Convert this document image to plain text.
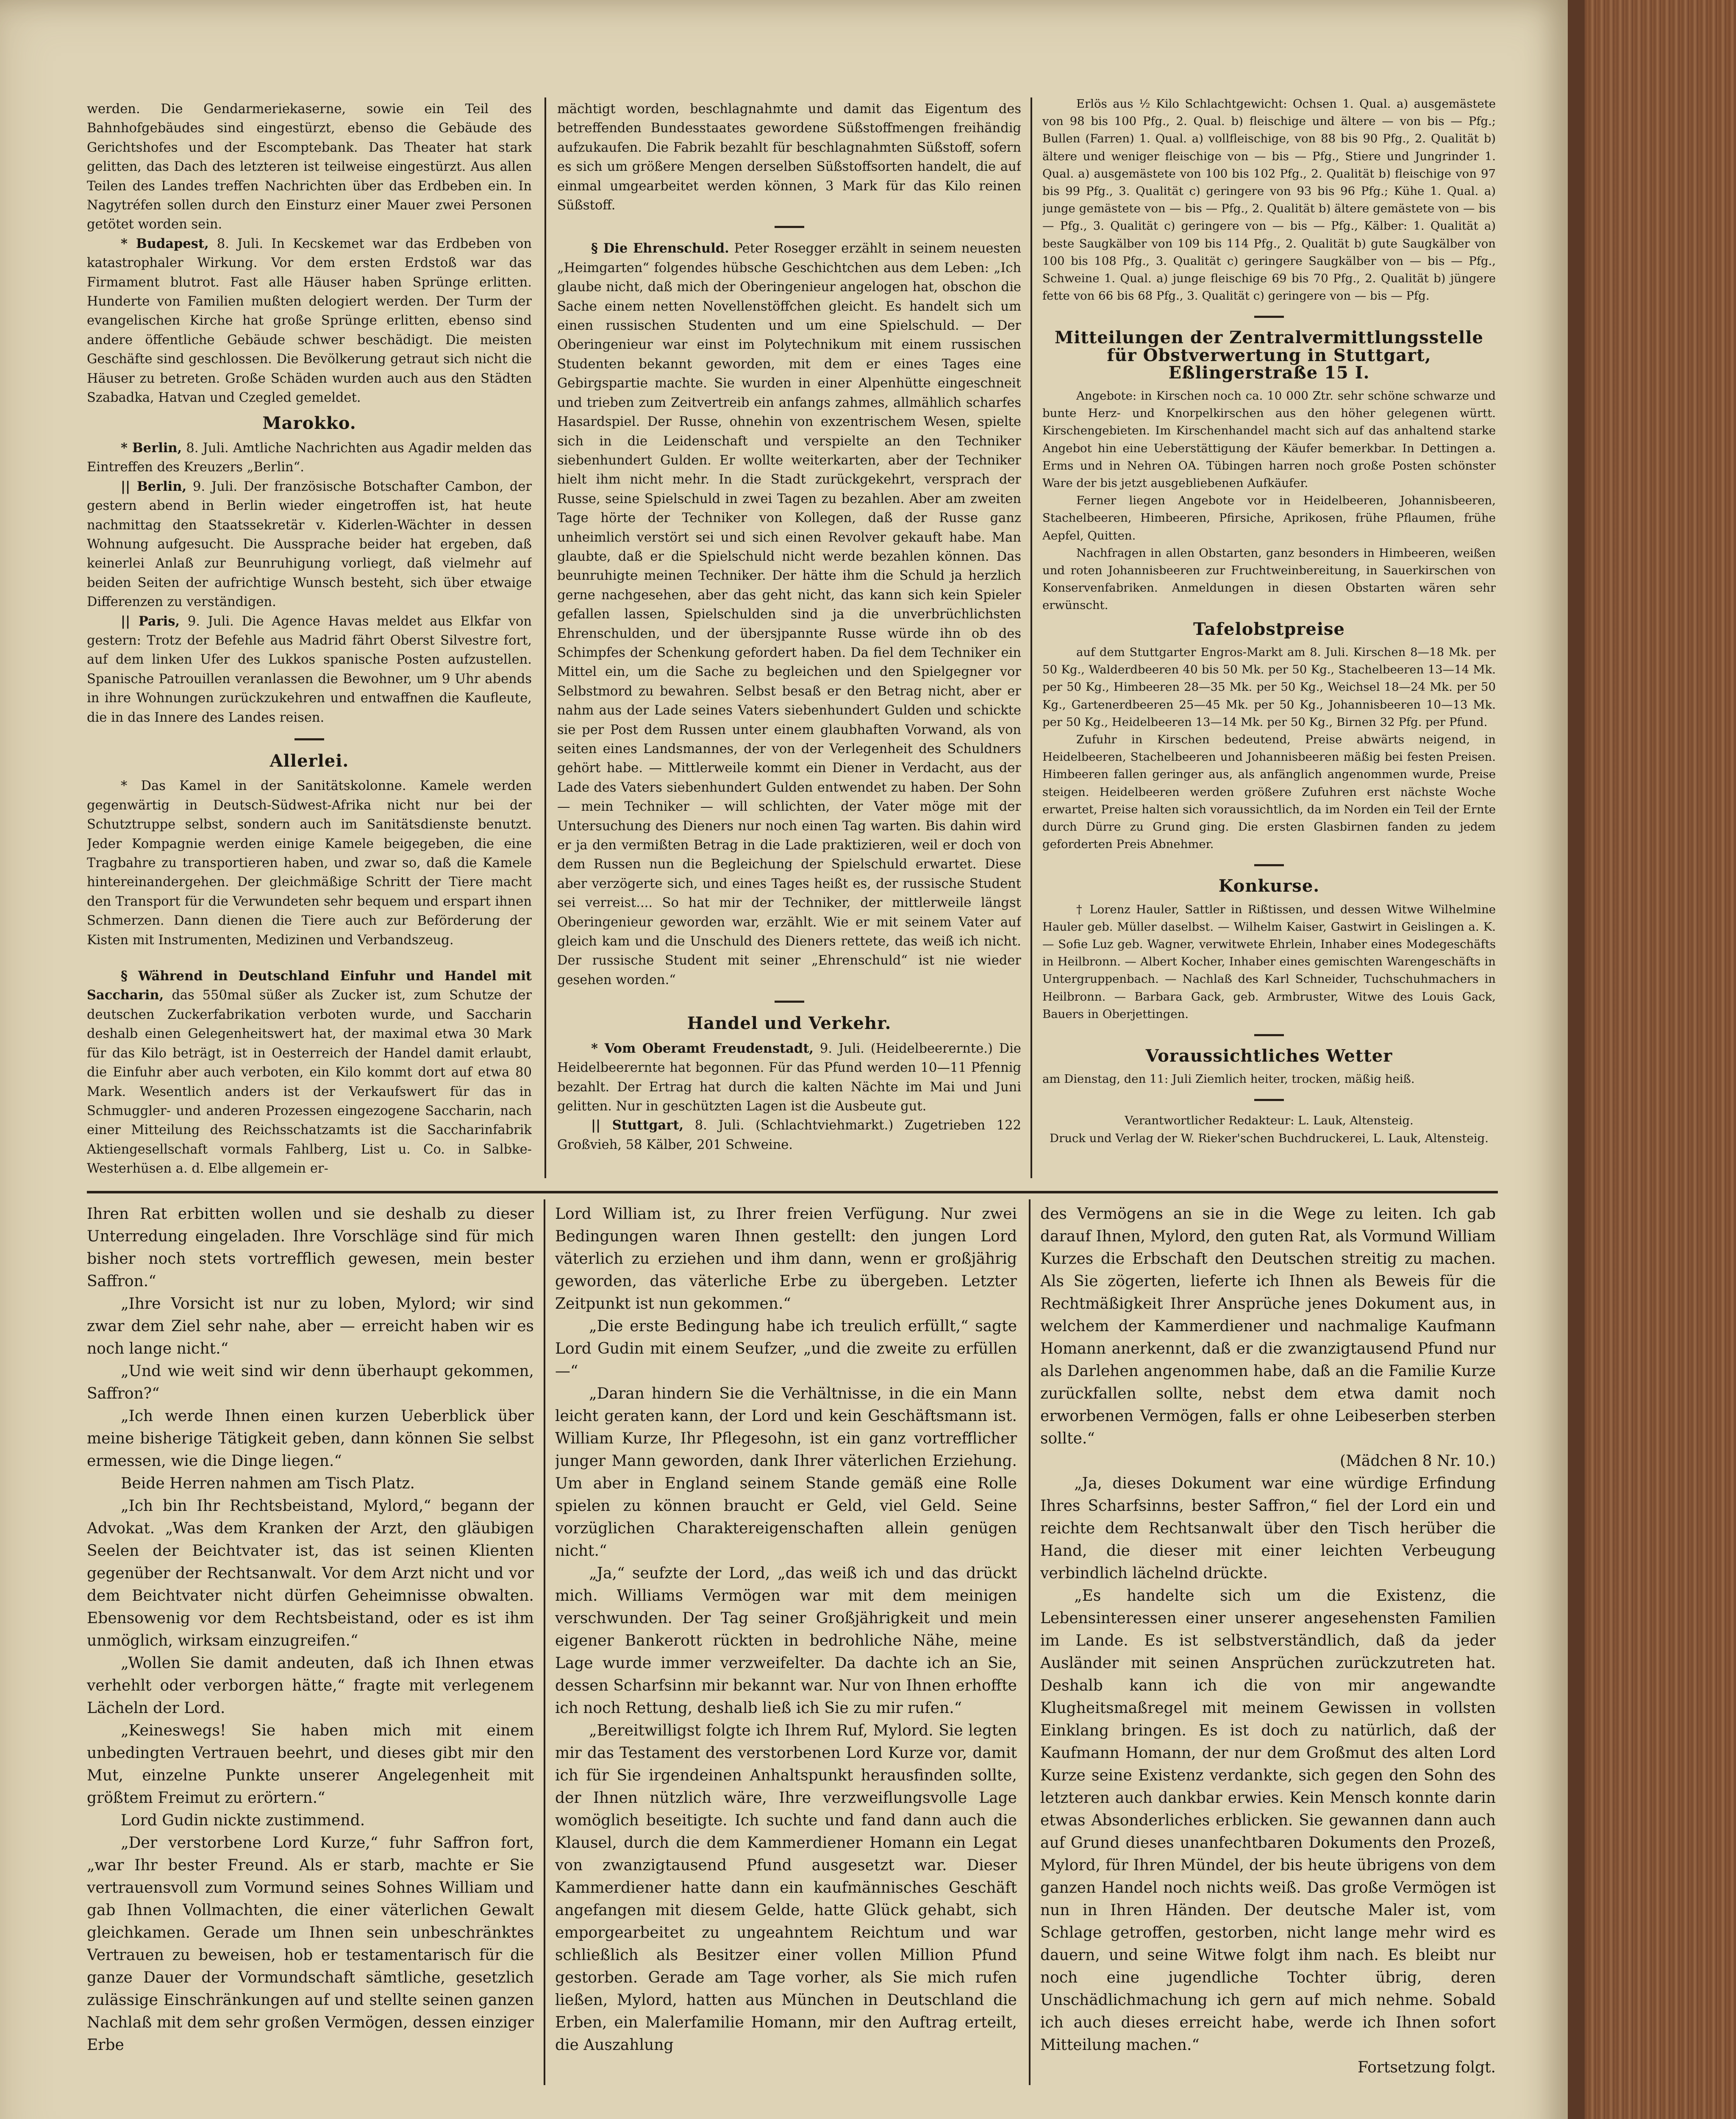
werden. Die Gendarmeriekaserne, sowie ein Teil des Bahnhofgebäudes sind eingestürzt, ebenso die Gebäude des Gerichtshofes und der Escomptebank. Das Theater hat stark gelitten, das Dach des letzteren ist teilweise eingestürzt. Aus allen Teilen des Landes treffen Nachrichten über das Erdbeben ein. In Nagytréfen sollen durch den Einsturz einer Mauer zwei Personen getötet worden sein.

* Budapest, 8. Juli. In Kecskemet war das Erdbeben von katastrophaler Wirkung. Vor dem ersten Erdstoß war das Firmament blutrot. Fast alle Häuser haben Sprünge erlitten. Hunderte von Familien mußten delogiert werden. Der Turm der evangelischen Kirche hat große Sprünge erlitten, ebenso sind andere öffentliche Gebäude schwer beschädigt. Die meisten Geschäfte sind geschlossen. Die Bevölkerung getraut sich nicht die Häuser zu betreten. Große Schäden wurden auch aus den Städten Szabadka, Hatvan und Czegled gemeldet.

Marokko.

* Berlin, 8. Juli. Amtliche Nachrichten aus Agadir melden das Eintreffen des Kreuzers „Berlin“.

|| Berlin, 9. Juli. Der französische Botschafter Cambon, der gestern abend in Berlin wieder eingetroffen ist, hat heute nachmittag den Staatssekretär v. Kiderlen-Wächter in dessen Wohnung aufgesucht. Die Aussprache beider hat ergeben, daß keinerlei Anlaß zur Beunruhigung vorliegt, daß vielmehr auf beiden Seiten der aufrichtige Wunsch besteht, sich über etwaige Differenzen zu verständigen.

|| Paris, 9. Juli. Die Agence Havas meldet aus Elkfar von gestern: Trotz der Befehle aus Madrid fährt Oberst Silvestre fort, auf dem linken Ufer des Lukkos spanische Posten aufzustellen. Spanische Patrouillen veranlassen die Bewohner, um 9 Uhr abends in ihre Wohnungen zurückzukehren und entwaffnen die Kaufleute, die in das Innere des Landes reisen.

Allerlei.

* Das Kamel in der Sanitätskolonne. Kamele werden gegenwärtig in Deutsch-Südwest-Afrika nicht nur bei der Schutztruppe selbst, sondern auch im Sanitätsdienste benutzt. Jeder Kompagnie werden einige Kamele beigegeben, die eine Tragbahre zu transportieren haben, und zwar so, daß die Kamele hintereinandergehen. Der gleichmäßige Schritt der Tiere macht den Transport für die Verwundeten sehr bequem und erspart ihnen Schmerzen. Dann dienen die Tiere auch zur Beförderung der Kisten mit Instrumenten, Medizinen und Verbandszeug.

§ Während in Deutschland Einfuhr und Handel mit Saccharin, das 550mal süßer als Zucker ist, zum Schutze der deutschen Zuckerfabrikation verboten wurde, und Saccharin deshalb einen Gelegenheitswert hat, der maximal etwa 30 Mark für das Kilo beträgt, ist in Oesterreich der Handel damit erlaubt, die Einfuhr aber auch verboten, ein Kilo kommt dort auf etwa 80 Mark. Wesentlich anders ist der Verkaufswert für das in Schmuggler- und anderen Prozessen eingezogene Saccharin, nach einer Mitteilung des Reichsschatzamts ist die Saccharinfabrik Aktiengesellschaft vormals Fahlberg, List u. Co. in Salbke-Westerhüsen a. d. Elbe allgemein er-

mächtigt worden, beschlagnahmte und damit das Eigentum des betreffenden Bundesstaates gewordene Süßstoffmengen freihändig aufzukaufen. Die Fabrik bezahlt für beschlagnahmten Süßstoff, sofern es sich um größere Mengen derselben Süßstoffsorten handelt, die auf einmal umgearbeitet werden können, 3 Mark für das Kilo reinen Süßstoff.

§ Die Ehrenschuld. Peter Rosegger erzählt in seinem neuesten „Heimgarten“ folgendes hübsche Geschichtchen aus dem Leben: „Ich glaube nicht, daß mich der Oberingenieur angelogen hat, obschon die Sache einem netten Novellenstöffchen gleicht. Es handelt sich um einen russischen Studenten und um eine Spielschuld. — Der Oberingenieur war einst im Polytechnikum mit einem russischen Studenten bekannt geworden, mit dem er eines Tages eine Gebirgspartie machte. Sie wurden in einer Alpenhütte eingeschneit und trieben zum Zeitvertreib ein anfangs zahmes, allmählich scharfes Hasardspiel. Der Russe, ohnehin von exzentrischem Wesen, spielte sich in die Leidenschaft und verspielte an den Techniker siebenhundert Gulden. Er wollte weiterkarten, aber der Techniker hielt ihm nicht mehr. In die Stadt zurückgekehrt, versprach der Russe, seine Spielschuld in zwei Tagen zu bezahlen. Aber am zweiten Tage hörte der Techniker von Kollegen, daß der Russe ganz unheimlich verstört sei und sich einen Revolver gekauft habe. Man glaubte, daß er die Spielschuld nicht werde bezahlen können. Das beunruhigte meinen Techniker. Der hätte ihm die Schuld ja herzlich gerne nachgesehen, aber das geht nicht, das kann sich kein Spieler gefallen lassen, Spielschulden sind ja die unverbrüchlichsten Ehrenschulden, und der übersjpannte Russe würde ihn ob des Schimpfes der Schenkung gefordert haben. Da fiel dem Techniker ein Mittel ein, um die Sache zu begleichen und den Spielgegner vor Selbstmord zu bewahren. Selbst besaß er den Betrag nicht, aber er nahm aus der Lade seines Vaters siebenhundert Gulden und schickte sie per Post dem Russen unter einem glaubhaften Vorwand, als von seiten eines Landsmannes, der von der Verlegenheit des Schuldners gehört habe. — Mittlerweile kommt ein Diener in Verdacht, aus der Lade des Vaters siebenhundert Gulden entwendet zu haben. Der Sohn — mein Techniker — will schlichten, der Vater möge mit der Untersuchung des Dieners nur noch einen Tag warten. Bis dahin wird er ja den vermißten Betrag in die Lade praktizieren, weil er doch von dem Russen nun die Begleichung der Spielschuld erwartet. Diese aber verzögerte sich, und eines Tages heißt es, der russische Student sei verreist.... So hat mir der Techniker, der mittlerweile längst Oberingenieur geworden war, erzählt. Wie er mit seinem Vater auf gleich kam und die Unschuld des Dieners rettete, das weiß ich nicht. Der russische Student mit seiner „Ehrenschuld“ ist nie wieder gesehen worden.“

Handel und Verkehr.

* Vom Oberamt Freudenstadt, 9. Juli. (Heidelbeerernte.) Die Heidelbeerernte hat begonnen. Für das Pfund werden 10—11 Pfennig bezahlt. Der Ertrag hat durch die kalten Nächte im Mai und Juni gelitten. Nur in geschützten Lagen ist die Ausbeute gut.

|| Stuttgart, 8. Juli. (Schlachtviehmarkt.) Zugetrieben 122 Großvieh, 58 Kälber, 201 Schweine.

Erlös aus ½ Kilo Schlachtgewicht: Ochsen 1. Qual. a) ausgemästete von 98 bis 100 Pfg., 2. Qual. b) fleischige und ältere — von bis — Pfg.; Bullen (Farren) 1. Qual. a) vollfleischige, von 88 bis 90 Pfg., 2. Qualität b) ältere und weniger fleischige von — bis — Pfg., Stiere und Jungrinder 1. Qual. a) ausgemästete von 100 bis 102 Pfg., 2. Qualität b) fleischige von 97 bis 99 Pfg., 3. Qualität c) geringere von 93 bis 96 Pfg.; Kühe 1. Qual. a) junge gemästete von — bis — Pfg., 2. Qualität b) ältere gemästete von — bis — Pfg., 3. Qualität c) geringere von — bis — Pfg., Kälber: 1. Qualität a) beste Saugkälber von 109 bis 114 Pfg., 2. Qualität b) gute Saugkälber von 100 bis 108 Pfg., 3. Qualität c) geringere Saugkälber von — bis — Pfg., Schweine 1. Qual. a) junge fleischige 69 bis 70 Pfg., 2. Qualität b) jüngere fette von 66 bis 68 Pfg., 3. Qualität c) geringere von — bis — Pfg.

Mitteilungen der Zentralvermittlungsstelle für Obstverwertung in Stuttgart, Eßlingerstraße 15 I.

Angebote: in Kirschen noch ca. 10 000 Ztr. sehr schöne schwarze und bunte Herz- und Knorpelkirschen aus den höher gelegenen württ. Kirschengebieten. Im Kirschenhandel macht sich auf das anhaltend starke Angebot hin eine Ueberstättigung der Käufer bemerkbar. In Dettingen a. Erms und in Nehren OA. Tübingen harren noch große Posten schönster Ware der bis jetzt ausgebliebenen Aufkäufer.

Ferner liegen Angebote vor in Heidelbeeren, Johannisbeeren, Stachelbeeren, Himbeeren, Pfirsiche, Aprikosen, frühe Pflaumen, frühe Aepfel, Quitten.

Nachfragen in allen Obstarten, ganz besonders in Himbeeren, weißen und roten Johannisbeeren zur Fruchtweinbereitung, in Sauerkirschen von Konservenfabriken. Anmeldungen in diesen Obstarten wären sehr erwünscht.

Tafelobstpreise

auf dem Stuttgarter Engros-Markt am 8. Juli. Kirschen 8—18 Mk. per 50 Kg., Walderdbeeren 40 bis 50 Mk. per 50 Kg., Stachelbeeren 13—14 Mk. per 50 Kg., Himbeeren 28—35 Mk. per 50 Kg., Weichsel 18—24 Mk. per 50 Kg., Gartenerdbeeren 25—45 Mk. per 50 Kg., Johannisbeeren 10—13 Mk. per 50 Kg., Heidelbeeren 13—14 Mk. per 50 Kg., Birnen 32 Pfg. per Pfund.

Zufuhr in Kirschen bedeutend, Preise abwärts neigend, in Heidelbeeren, Stachelbeeren und Johannisbeeren mäßig bei festen Preisen. Himbeeren fallen geringer aus, als anfänglich angenommen wurde, Preise steigen. Heidelbeeren werden größere Zufuhren erst nächste Woche erwartet, Preise halten sich voraussichtlich, da im Norden ein Teil der Ernte durch Dürre zu Grund ging. Die ersten Glasbirnen fanden zu jedem geforderten Preis Abnehmer.

Konkurse.

† Lorenz Hauler, Sattler in Rißtissen, und dessen Witwe Wilhelmine Hauler geb. Müller daselbst. — Wilhelm Kaiser, Gastwirt in Geislingen a. K. — Sofie Luz geb. Wagner, verwitwete Ehrlein, Inhaber eines Modegeschäfts in Heilbronn. — Albert Kocher, Inhaber eines gemischten Warengeschäfts in Untergruppenbach. — Nachlaß des Karl Schneider, Tuchschuhmachers in Heilbronn. — Barbara Gack, geb. Armbruster, Witwe des Louis Gack, Bauers in Oberjettingen.

Voraussichtliches Wetter

am Dienstag, den 11: Juli Ziemlich heiter, trocken, mäßig heiß.

Verantwortlicher Redakteur: L. Lauk, Altensteig.

Druck und Verlag der W. Rieker'schen Buchdruckerei, L. Lauk, Altensteig.

Ihren Rat erbitten wollen und sie deshalb zu dieser Unterredung eingeladen. Ihre Vorschläge sind für mich bisher noch stets vortrefflich gewesen, mein bester Saffron.“

„Ihre Vorsicht ist nur zu loben, Mylord; wir sind zwar dem Ziel sehr nahe, aber — erreicht haben wir es noch lange nicht.“

„Und wie weit sind wir denn überhaupt gekommen, Saffron?“

„Ich werde Ihnen einen kurzen Ueberblick über meine bisherige Tätigkeit geben, dann können Sie selbst ermessen, wie die Dinge liegen.“

Beide Herren nahmen am Tisch Platz.

„Ich bin Ihr Rechtsbeistand, Mylord,“ begann der Advokat. „Was dem Kranken der Arzt, den gläubigen Seelen der Beichtvater ist, das ist seinen Klienten gegenüber der Rechtsanwalt. Vor dem Arzt nicht und vor dem Beichtvater nicht dürfen Geheimnisse obwalten. Ebensowenig vor dem Rechtsbeistand, oder es ist ihm unmöglich, wirksam einzugreifen.“

„Wollen Sie damit andeuten, daß ich Ihnen etwas verhehlt oder verborgen hätte,“ fragte mit verlegenem Lächeln der Lord.

„Keineswegs! Sie haben mich mit einem unbedingten Vertrauen beehrt, und dieses gibt mir den Mut, einzelne Punkte unserer Angelegenheit mit größtem Freimut zu erörtern.“

Lord Gudin nickte zustimmend.

„Der verstorbene Lord Kurze,“ fuhr Saffron fort, „war Ihr bester Freund. Als er starb, machte er Sie vertrauensvoll zum Vormund seines Sohnes William und gab Ihnen Vollmachten, die einer väterlichen Gewalt gleichkamen. Gerade um Ihnen sein unbeschränktes Vertrauen zu beweisen, hob er testamentarisch für die ganze Dauer der Vormundschaft sämtliche, gesetzlich zulässige Einschränkungen auf und stellte seinen ganzen Nachlaß mit dem sehr großen Vermögen, dessen einziger Erbe

Lord William ist, zu Ihrer freien Verfügung. Nur zwei Bedingungen waren Ihnen gestellt: den jungen Lord väterlich zu erziehen und ihm dann, wenn er großjährig geworden, das väterliche Erbe zu übergeben. Letzter Zeitpunkt ist nun gekommen.“

„Die erste Bedingung habe ich treulich erfüllt,“ sagte Lord Gudin mit einem Seufzer, „und die zweite zu erfüllen —“

„Daran hindern Sie die Verhältnisse, in die ein Mann leicht geraten kann, der Lord und kein Geschäftsmann ist. William Kurze, Ihr Pflegesohn, ist ein ganz vortrefflicher junger Mann geworden, dank Ihrer väterlichen Erziehung. Um aber in England seinem Stande gemäß eine Rolle spielen zu können braucht er Geld, viel Geld. Seine vorzüglichen Charaktereigenschaften allein genügen nicht.“

„Ja,“ seufzte der Lord, „das weiß ich und das drückt mich. Williams Vermögen war mit dem meinigen verschwunden. Der Tag seiner Großjährigkeit und mein eigener Bankerott rückten in bedrohliche Nähe, meine Lage wurde immer verzweifelter. Da dachte ich an Sie, dessen Scharfsinn mir bekannt war. Nur von Ihnen erhoffte ich noch Rettung, deshalb ließ ich Sie zu mir rufen.“

„Bereitwilligst folgte ich Ihrem Ruf, Mylord. Sie legten mir das Testament des verstorbenen Lord Kurze vor, damit ich für Sie irgendeinen Anhaltspunkt herausfinden sollte, der Ihnen nützlich wäre, Ihre verzweiflungsvolle Lage womöglich beseitigte. Ich suchte und fand dann auch die Klausel, durch die dem Kammerdiener Homann ein Legat von zwanzigtausend Pfund ausgesetzt war. Dieser Kammerdiener hatte dann ein kaufmännisches Geschäft angefangen mit diesem Gelde, hatte Glück gehabt, sich emporgearbeitet zu ungeahntem Reichtum und war schließlich als Besitzer einer vollen Million Pfund gestorben. Gerade am Tage vorher, als Sie mich rufen ließen, Mylord, hatten aus München in Deutschland die Erben, ein Malerfamilie Homann, mir den Auftrag erteilt, die Auszahlung

des Vermögens an sie in die Wege zu leiten. Ich gab darauf Ihnen, Mylord, den guten Rat, als Vormund William Kurzes die Erbschaft den Deutschen streitig zu machen. Als Sie zögerten, lieferte ich Ihnen als Beweis für die Rechtmäßigkeit Ihrer Ansprüche jenes Dokument aus, in welchem der Kammerdiener und nachmalige Kaufmann Homann anerkennt, daß er die zwanzigtausend Pfund nur als Darlehen angenommen habe, daß an die Familie Kurze zurückfallen sollte, nebst dem etwa damit noch erworbenen Vermögen, falls er ohne Leibeserben sterben sollte.“

(Mädchen 8 Nr. 10.)

„Ja, dieses Dokument war eine würdige Erfindung Ihres Scharfsinns, bester Saffron,“ fiel der Lord ein und reichte dem Rechtsanwalt über den Tisch herüber die Hand, die dieser mit einer leichten Verbeugung verbindlich lächelnd drückte.

„Es handelte sich um die Existenz, die Lebensinteressen einer unserer angesehensten Familien im Lande. Es ist selbstverständlich, daß da jeder Ausländer mit seinen Ansprüchen zurückzutreten hat. Deshalb kann ich die von mir angewandte Klugheitsmaßregel mit meinem Gewissen in vollsten Einklang bringen. Es ist doch zu natürlich, daß der Kaufmann Homann, der nur dem Großmut des alten Lord Kurze seine Existenz verdankte, sich gegen den Sohn des letzteren auch dankbar erwies. Kein Mensch konnte darin etwas Absonderliches erblicken. Sie gewannen dann auch auf Grund dieses unanfechtbaren Dokuments den Prozeß, Mylord, für Ihren Mündel, der bis heute übrigens von dem ganzen Handel noch nichts weiß. Das große Vermögen ist nun in Ihren Händen. Der deutsche Maler ist, vom Schlage getroffen, gestorben, nicht lange mehr wird es dauern, und seine Witwe folgt ihm nach. Es bleibt nur noch eine jugendliche Tochter übrig, deren Unschädlichmachung ich gern auf mich nehme. Sobald ich auch dieses erreicht habe, werde ich Ihnen sofort Mitteilung machen.“

Fortsetzung folgt.
